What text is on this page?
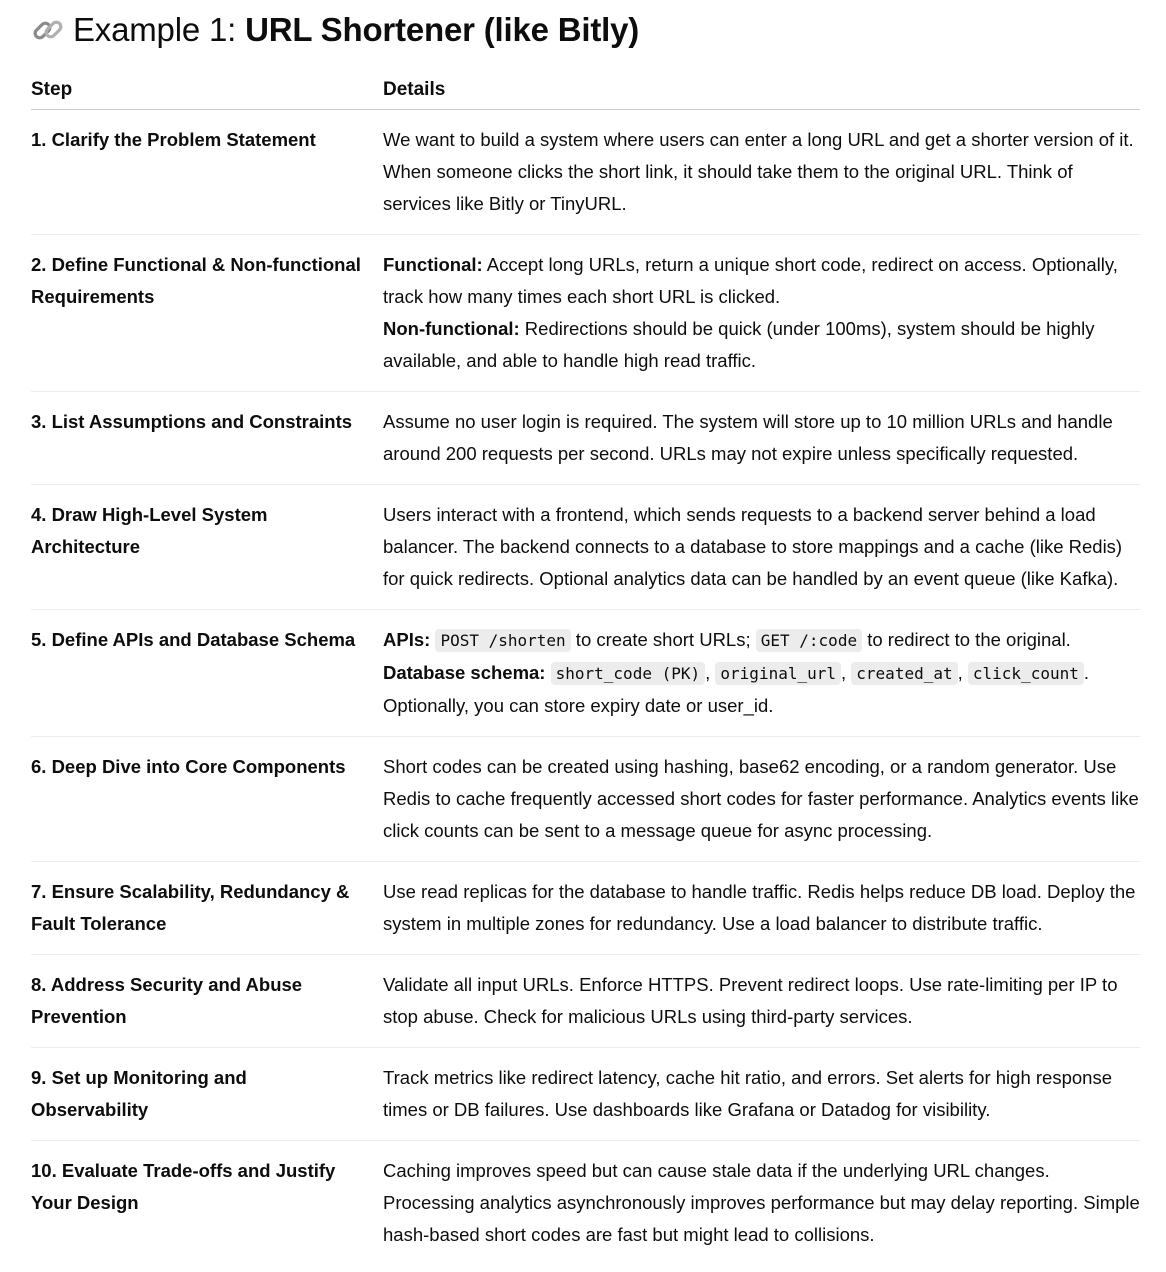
Example 1: URL Shortener (like Bitly)
Step	Details
1. Clarify the Problem Statement	We want to build a system where users can enter a long URL and get a shorter version of it. When someone clicks the short link, it should take them to the original URL. Think of services like Bitly or TinyURL.
2. Define Functional & Non-functional Requirements	Functional: Accept long URLs, return a unique short code, redirect on access. Optionally, track how many times each short URL is clicked.
Non-functional: Redirections should be quick (under 100ms), system should be highly available, and able to handle high read traffic.

3. List Assumptions and Constraints	Assume no user login is required. The system will store up to 10 million URLs and handle around 200 requests per second. URLs may not expire unless specifically requested.
4. Draw High-Level System Architecture	Users interact with a frontend, which sends requests to a backend server behind a load balancer. The backend connects to a database to store mappings and a cache (like Redis) for quick redirects. Optional analytics data can be handled by an event queue (like Kafka).
5. Define APIs and Database Schema	APIs: POST /shorten to create short URLs; GET /:code to redirect to the original.
Database schema: short_code (PK) , original_url , created_at , click_count . Optionally, you can store expiry date or user_id.

6. Deep Dive into Core Components	Short codes can be created using hashing, base62 encoding, or a random generator. Use Redis to cache frequently accessed short codes for faster performance. Analytics events like click counts can be sent to a message queue for async processing.
7. Ensure Scalability, Redundancy & Fault Tolerance	Use read replicas for the database to handle traffic. Redis helps reduce DB load. Deploy the system in multiple zones for redundancy. Use a load balancer to distribute traffic.
8. Address Security and Abuse Prevention	Validate all input URLs. Enforce HTTPS. Prevent redirect loops. Use rate-limiting per IP to stop abuse. Check for malicious URLs using third-party services.
9. Set up Monitoring and Observability	Track metrics like redirect latency, cache hit ratio, and errors. Set alerts for high response times or DB failures. Use dashboards like Grafana or Datadog for visibility.
10. Evaluate Trade-offs and Justify Your Design	Caching improves speed but can cause stale data if the underlying URL changes. Processing analytics asynchronously improves performance but may delay reporting. Simple hash-based short codes are fast but might lead to collisions.
